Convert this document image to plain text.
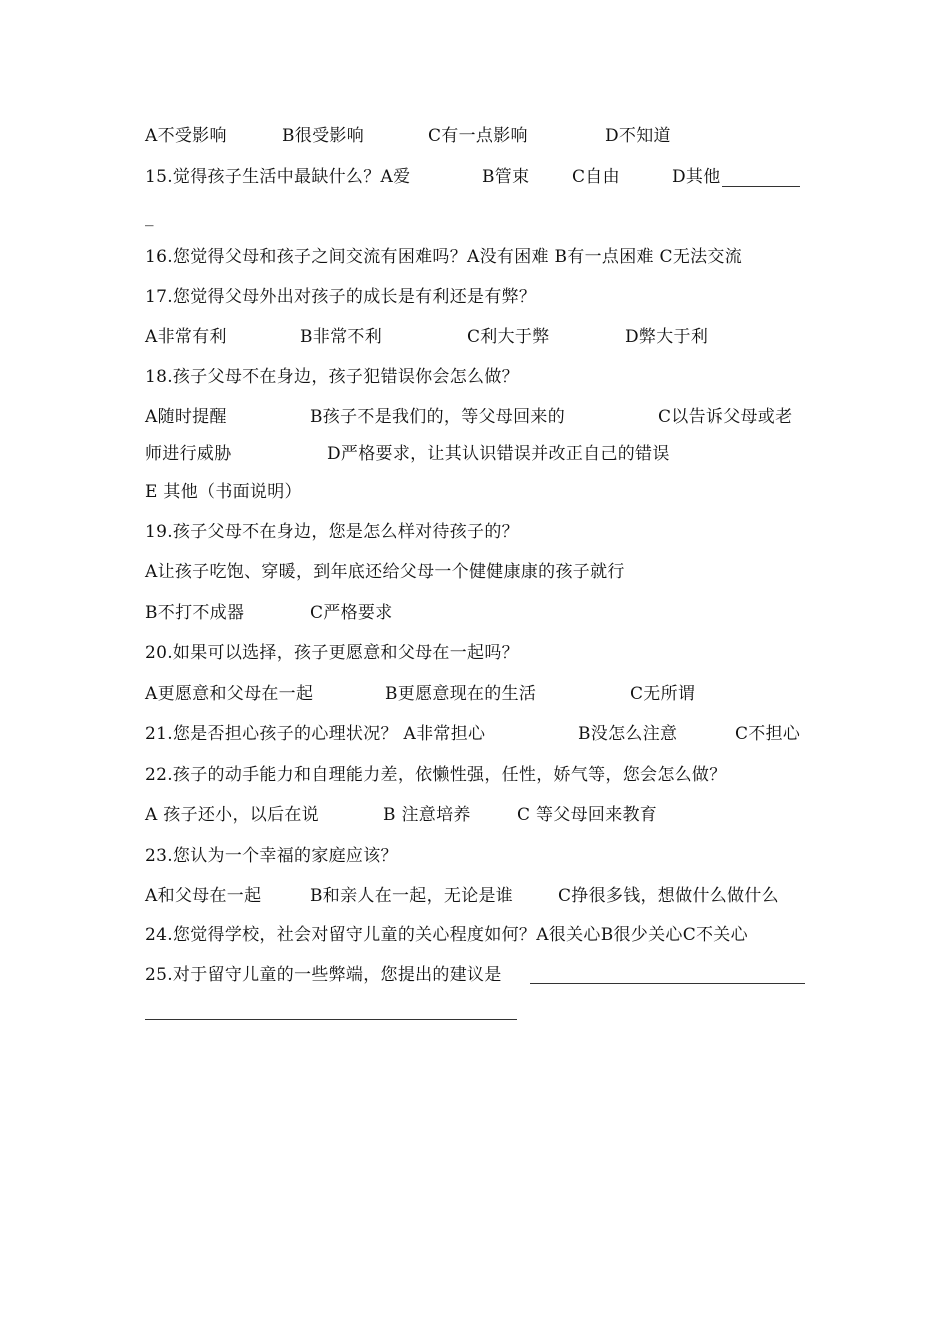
A不受影响	B很受影响	C有一点影响	D不知道
15.觉得孩子生活中最缺什么？A爱	B管束	C自由	D其他
_
16.您觉得父母和孩子之间交流有困难吗？A没有困难 B有一点困难 C无法交流
17.您觉得父母外出对孩子的成长是有利还是有弊？
A非常有利	B非常不利	C利大于弊	D弊大于利
18.孩子父母不在身边，孩子犯错误你会怎么做？
A随时提醒	B孩子不是我们的，等父母回来的	C以告诉父母或老
师进行威胁	D严格要求，让其认识错误并改正自己的错误
E 其他（书面说明）
19.孩子父母不在身边，您是怎么样对待孩子的？
A让孩子吃饱、穿暖，到年底还给父母一个健健康康的孩子就行
B不打不成器	C严格要求
20.如果可以选择，孩子更愿意和父母在一起吗？
A更愿意和父母在一起	B更愿意现在的生活	C无所谓
21.您是否担心孩子的心理状况？ A非常担心	B没怎么注意	C不担心
22.孩子的动手能力和自理能力差，依懒性强，任性，娇气等，您会怎么做？
A 孩子还小，以后在说	B 注意培养	C 等父母回来教育
23.您认为一个幸福的家庭应该？
A和父母在一起	B和亲人在一起，无论是谁	C挣很多钱，想做什么做什么
24.您觉得学校，社会对留守儿童的关心程度如何？A很关心B很少关心C不关心
25.对于留守儿童的一些弊端，您提出的建议是
